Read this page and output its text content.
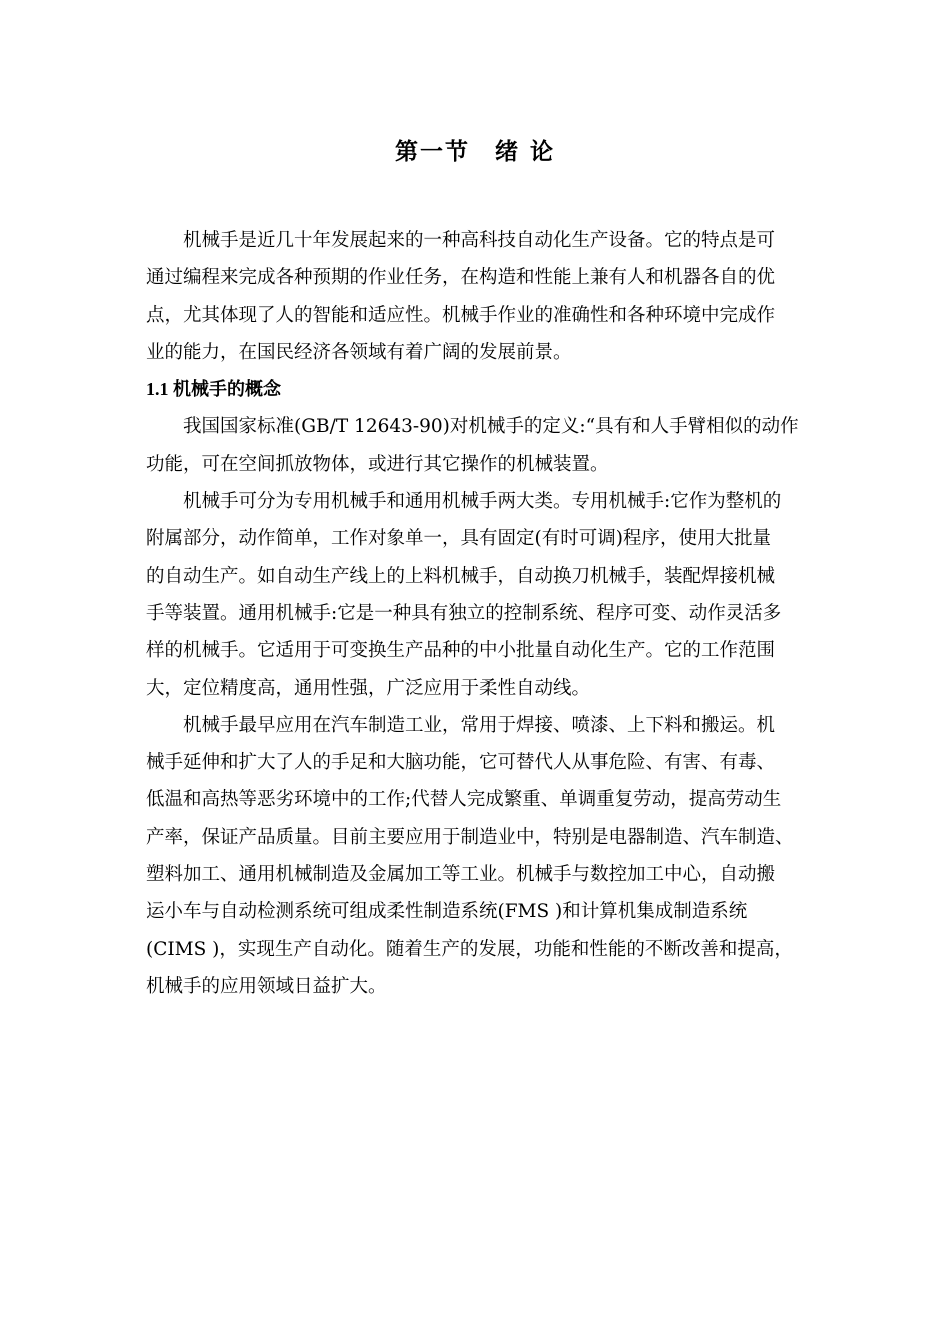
第一节　绪 论
机械手是近几十年发展起来的一种高科技自动化生产设备。它的特点是可
通过编程来完成各种预期的作业任务，在构造和性能上兼有人和机器各自的优
点，尤其体现了人的智能和适应性。机械手作业的准确性和各种环境中完成作
业的能力，在国民经济各领域有着广阔的发展前景。
1.1 机械手的概念
我国国家标准(GB/T 12643-90)对机械手的定义:“具有和人手臂相似的动作
功能，可在空间抓放物体，或进行其它操作的机械装置。
机械手可分为专用机械手和通用机械手两大类。专用机械手:它作为整机的
附属部分，动作简单，工作对象单一，具有固定(有时可调)程序，使用大批量
的自动生产。如自动生产线上的上料机械手，自动换刀机械手，装配焊接机械
手等装置。通用机械手:它是一种具有独立的控制系统、程序可变、动作灵活多
样的机械手。它适用于可变换生产品种的中小批量自动化生产。它的工作范围
大，定位精度高，通用性强，广泛应用于柔性自动线。
机械手最早应用在汽车制造工业，常用于焊接、喷漆、上下料和搬运。机
械手延伸和扩大了人的手足和大脑功能，它可替代人从事危险、有害、有毒、
低温和高热等恶劣环境中的工作;代替人完成繁重、单调重复劳动，提高劳动生
产率，保证产品质量。目前主要应用于制造业中，特别是电器制造、汽车制造、
塑料加工、通用机械制造及金属加工等工业。机械手与数控加工中心，自动搬
运小车与自动检测系统可组成柔性制造系统(FMS )和计算机集成制造系统
(CIMS )，实现生产自动化。随着生产的发展，功能和性能的不断改善和提高，
机械手的应用领域日益扩大。
